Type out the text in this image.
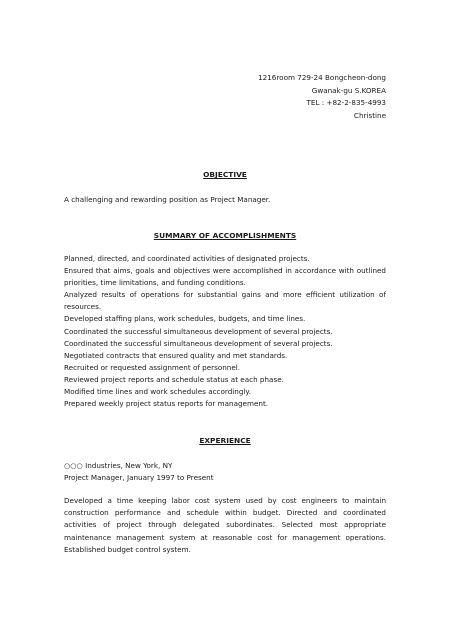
1216room 729-24 Bongcheon-dong
Gwanak-gu S.KOREA
TEL : +82-2-835-4993
Christine
OBJECTIVE
A challenging and rewarding position as Project Manager.
SUMMARY OF ACCOMPLISHMENTS
Planned, directed, and coordinated activities of designated projects.
Ensured that aims, goals and objectives were accomplished in accordance with outlined priorities, time limitations, and funding conditions.
Analyzed results of operations for substantial gains and more efficient utilization of resources.
Developed staffing plans, work schedules, budgets, and time lines.
Coordinated the successful simultaneous development of several projects.
Coordinated the successful simultaneous development of several projects.
Negotiated contracts that ensured quality and met standards.
Recruited or requested assignment of personnel.
Reviewed project reports and schedule status at each phase.
Modified time lines and work schedules accordingly.
Prepared weekly project status reports for management.
EXPERIENCE
○○○ Industries, New York, NY
Project Manager, January 1997 to Present
Developed a time keeping labor cost system used by cost engineers to maintain construction performance and schedule within budget. Directed and coordinated activities of project through delegated subordinates. Selected most appropriate maintenance management system at reasonable cost for management operations. Established budget control system.
